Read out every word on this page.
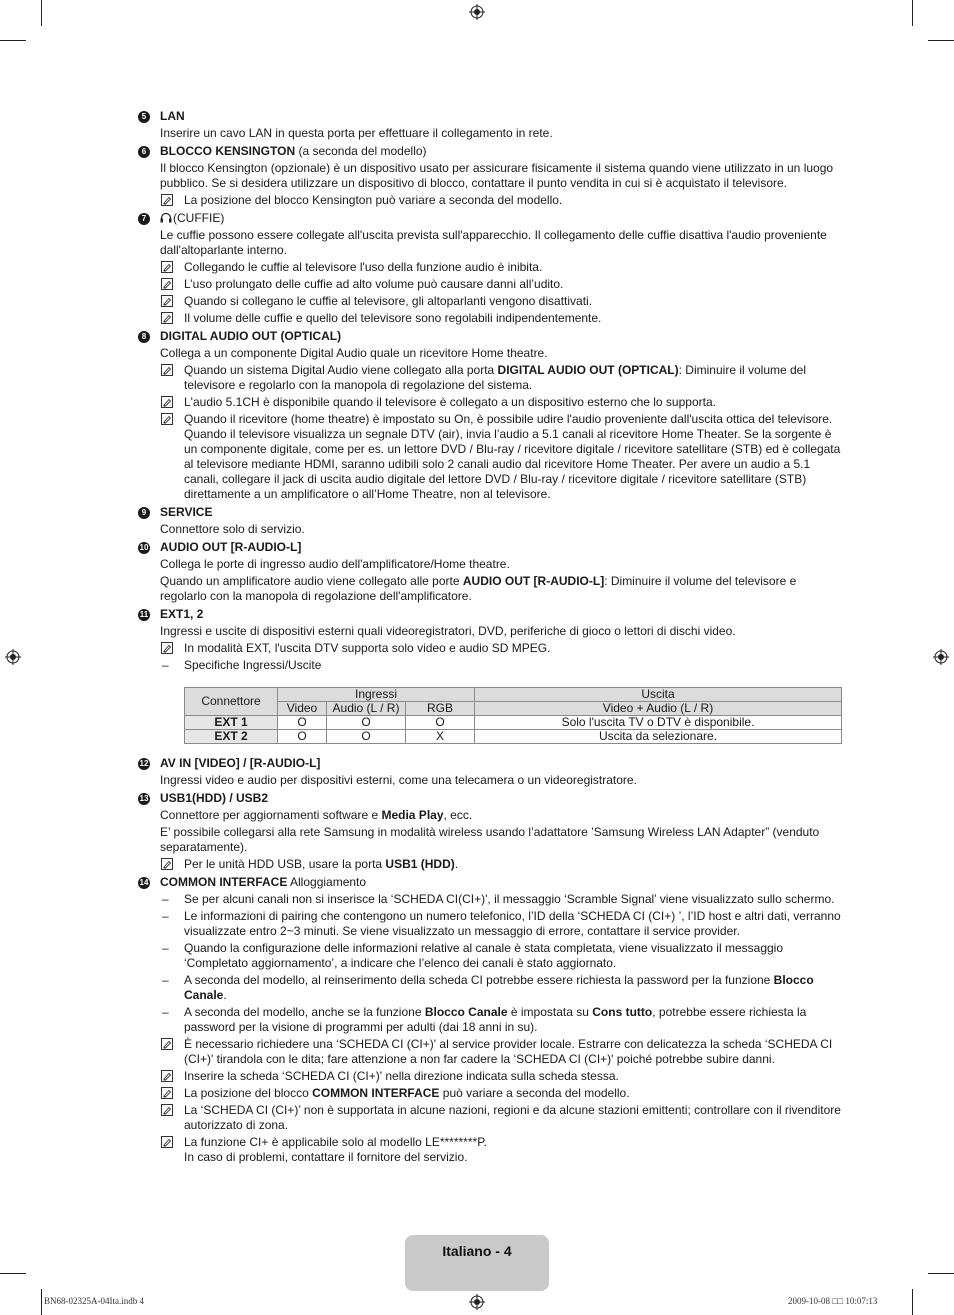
5	LAN
Inserire un cavo LAN in questa porta per effettuare il collegamento in rete.
6	BLOCCO KENSINGTON (a seconda del modello)
Il blocco Kensington (opzionale) è un dispositivo usato per assicurare fisicamente il sistema quando viene utilizzato in un luogo pubblico. Se si desidera utilizzare un dispositivo di blocco, contattare il punto vendita in cui si è acquistato il televisore.
La posizione del blocco Kensington può variare a seconda del modello.
7	(CUFFIE)
Le cuffie possono essere collegate all'uscita prevista sull'apparecchio. Il collegamento delle cuffie disattiva l'audio proveniente dall'altoparlante interno.
Collegando le cuffie al televisore l'uso della funzione audio è inibita.
L’uso prolungato delle cuffie ad alto volume può causare danni all’udito.
Quando si collegano le cuffie al televisore, gli altoparlanti vengono disattivati.
Il volume delle cuffie e quello del televisore sono regolabili indipendentemente.
8	DIGITAL AUDIO OUT (OPTICAL)
Collega a un componente Digital Audio quale un ricevitore Home theatre.
Quando un sistema Digital Audio viene collegato alla porta DIGITAL AUDIO OUT (OPTICAL): Diminuire il volume del televisore e regolarlo con la manopola di regolazione del sistema.
L'audio 5.1CH è disponibile quando il televisore è collegato a un dispositivo esterno che lo supporta.
Quando il ricevitore (home theatre) è impostato su On, è possibile udire l'audio proveniente dall'uscita ottica del televisore. Quando il televisore visualizza un segnale DTV (air), invia l’audio a 5.1 canali al ricevitore Home Theater. Se la sorgente è un componente digitale, come per es. un lettore DVD / Blu-ray / ricevitore digitale / ricevitore satellitare (STB) ed è collegata al televisore mediante HDMI, saranno udibili solo 2 canali audio dal ricevitore Home Theater. Per avere un audio a 5.1 canali, collegare il jack di uscita audio digitale del lettore DVD / Blu-ray / ricevitore digitale / ricevitore satellitare (STB) direttamente a un amplificatore o all’Home Theatre, non al televisore.
9	SERVICE
Connettore solo di servizio.
10 AUDIO OUT [R-AUDIO-L]
Collega le porte di ingresso audio dell'amplificatore/Home theatre.
Quando un amplificatore audio viene collegato alle porte AUDIO OUT [R-AUDIO-L]: Diminuire il volume del televisore e regolarlo con la manopola di regolazione dell'amplificatore.
11 EXT1, 2
Ingressi e uscite di dispositivi esterni quali videoregistratori, DVD, periferiche di gioco o lettori di dischi video.
In modalità EXT, l'uscita DTV supporta solo video e audio SD MPEG.
– Specifiche Ingressi/Uscite
Connettore	Ingressi			Uscita
	Video	Audio (L / R)	RGB	Video + Audio (L / R)
EXT 1	O	O	O	Solo l'uscita TV o DTV è disponibile.
EXT 2	O	O	X	Uscita da selezionare.
12 AV IN [VIDEO] / [R-AUDIO-L]
Ingressi video e audio per dispositivi esterni, come una telecamera o un videoregistratore.
13 USB1(HDD) / USB2
Connettore per aggiornamenti software e Media Play, ecc.
E’ possibile collegarsi alla rete Samsung in modalità wireless usando l’adattatore ’Samsung Wireless LAN Adapter” (venduto separatamente).
Per le unità HDD USB, usare la porta USB1 (HDD).
14 COMMON INTERFACE Alloggiamento
– Se per alcuni canali non si inserisce la ‘SCHEDA CI(CI+)', il messaggio ‘Scramble Signal’ viene visualizzato sullo schermo.
– Le informazioni di pairing che contengono un numero telefonico, l’ID della ‘SCHEDA CI (CI+) ’, l’ID host e altri dati, verranno visualizzate entro 2~3 minuti. Se viene visualizzato un messaggio di errore, contattare il service provider.
– Quando la configurazione delle informazioni relative al canale è stata completata, viene visualizzato il messaggio ‘Completato aggiornamento’, a indicare che l’elenco dei canali è stato aggiornato.
– A seconda del modello, al reinserimento della scheda CI potrebbe essere richiesta la password per la funzione Blocco Canale.
– A seconda del modello, anche se la funzione Blocco Canale è impostata su Cons tutto, potrebbe essere richiesta la password per la visione di programmi per adulti (dai 18 anni in su).
È necessario richiedere una ‘SCHEDA CI (CI+)' al service provider locale. Estrarre con delicatezza la scheda ‘SCHEDA CI (CI+)' tirandola con le dita; fare attenzione a non far cadere la ‘SCHEDA CI (CI+)' poiché potrebbe subire danni.
Inserire la scheda ‘SCHEDA CI (CI+)' nella direzione indicata sulla scheda stessa.
La posizione del blocco COMMON INTERFACE può variare a seconda del modello.
La ‘SCHEDA CI (CI+)’ non è supportata in alcune nazioni, regioni e da alcune stazioni emittenti; controllare con il rivenditore autorizzato di zona.
La funzione CI+ è applicabile solo al modello LE********P.
In caso di problemi, contattare il fornitore del servizio.
Italiano - 4
BN68-02325A-04Ita.indb 4	2009-10-08 □□ 10:07:13
